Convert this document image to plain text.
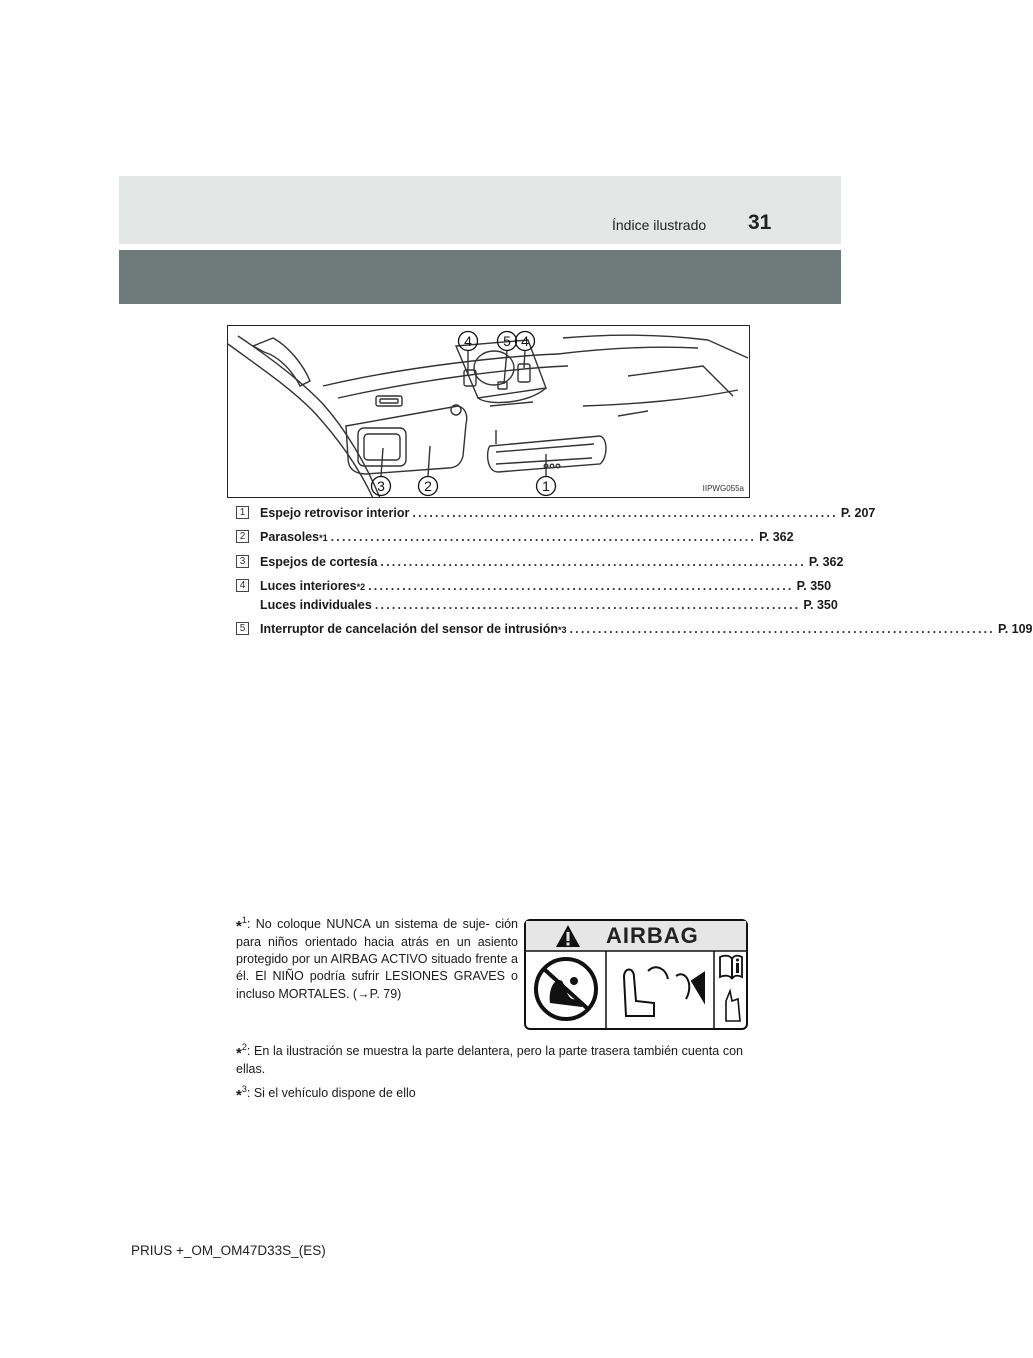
Índice ilustrado 31
4 5 4
3	2	1	IIPWG055a
1 Espejo retrovisor interior ........................................................................... P. 207
2 Parasoles *1 ........................................................................... P. 362
3 Espejos de cortesía ........................................................................... P. 362
4 Luces interiores *2 ........................................................................... P. 350
Luces individuales ........................................................................... P. 350
5 Interruptor de cancelación del sensor de intrusión *3 ........................................................................... P. 109
*$^1$: No coloque NUNCA un sistema de suje- ción para niños orientado hacia atrás en un asiento protegido por un AIRBAG ACTIVO situado frente a él. El NIÑO podría sufrir LESIONES GRAVES o incluso MORTALES. (→P. 79)
AIRBAG
*$^2$: En la ilustración se muestra la parte delantera, pero la parte trasera también cuenta con ellas.
*$^3$: Si el vehículo dispone de ello
PRIUS +_OM_OM47D33S_(ES)
